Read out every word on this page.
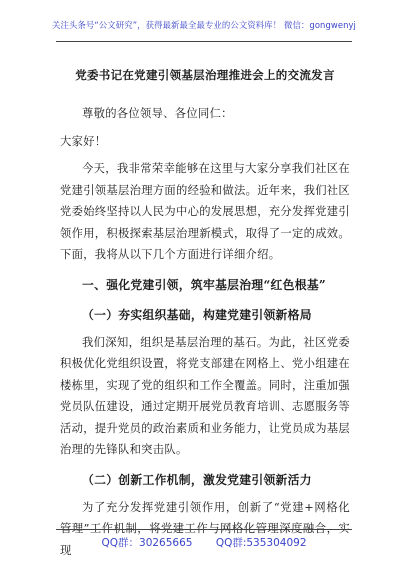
关注头条号“公文研究”，获得最新最全最专业的公文资料库！ 微信：gongwenyj

党委书记在党建引领基层治理推进会上的交流发言

尊敬的各位领导、各位同仁：

大家好！

今天，我非常荣幸能够在这里与大家分享我们社区在党建引领基层治理方面的经验和做法。近年来，我们社区党委始终坚持以人民为中心的发展思想，充分发挥党建引领作用，积极探索基层治理新模式，取得了一定的成效。下面，我将从以下几个方面进行详细介绍。

一、强化党建引领，筑牢基层治理“红色根基”

（一）夯实组织基础，构建党建引领新格局

我们深知，组织是基层治理的基石。为此，社区党委积极优化党组织设置，将党支部建在网格上、党小组建在楼栋里，实现了党的组织和工作全覆盖。同时，注重加强党员队伍建设，通过定期开展党员教育培训、志愿服务等活动，提升党员的政治素质和业务能力，让党员成为基层治理的先锋队和突击队。

（二）创新工作机制，激发党建引领新活力

为了充分发挥党建引领作用，创新了“党建+网格化管理”工作机制，将党建工作与网格化管理深度融合，实现

QQ群：30265665 QQ群:535304092
